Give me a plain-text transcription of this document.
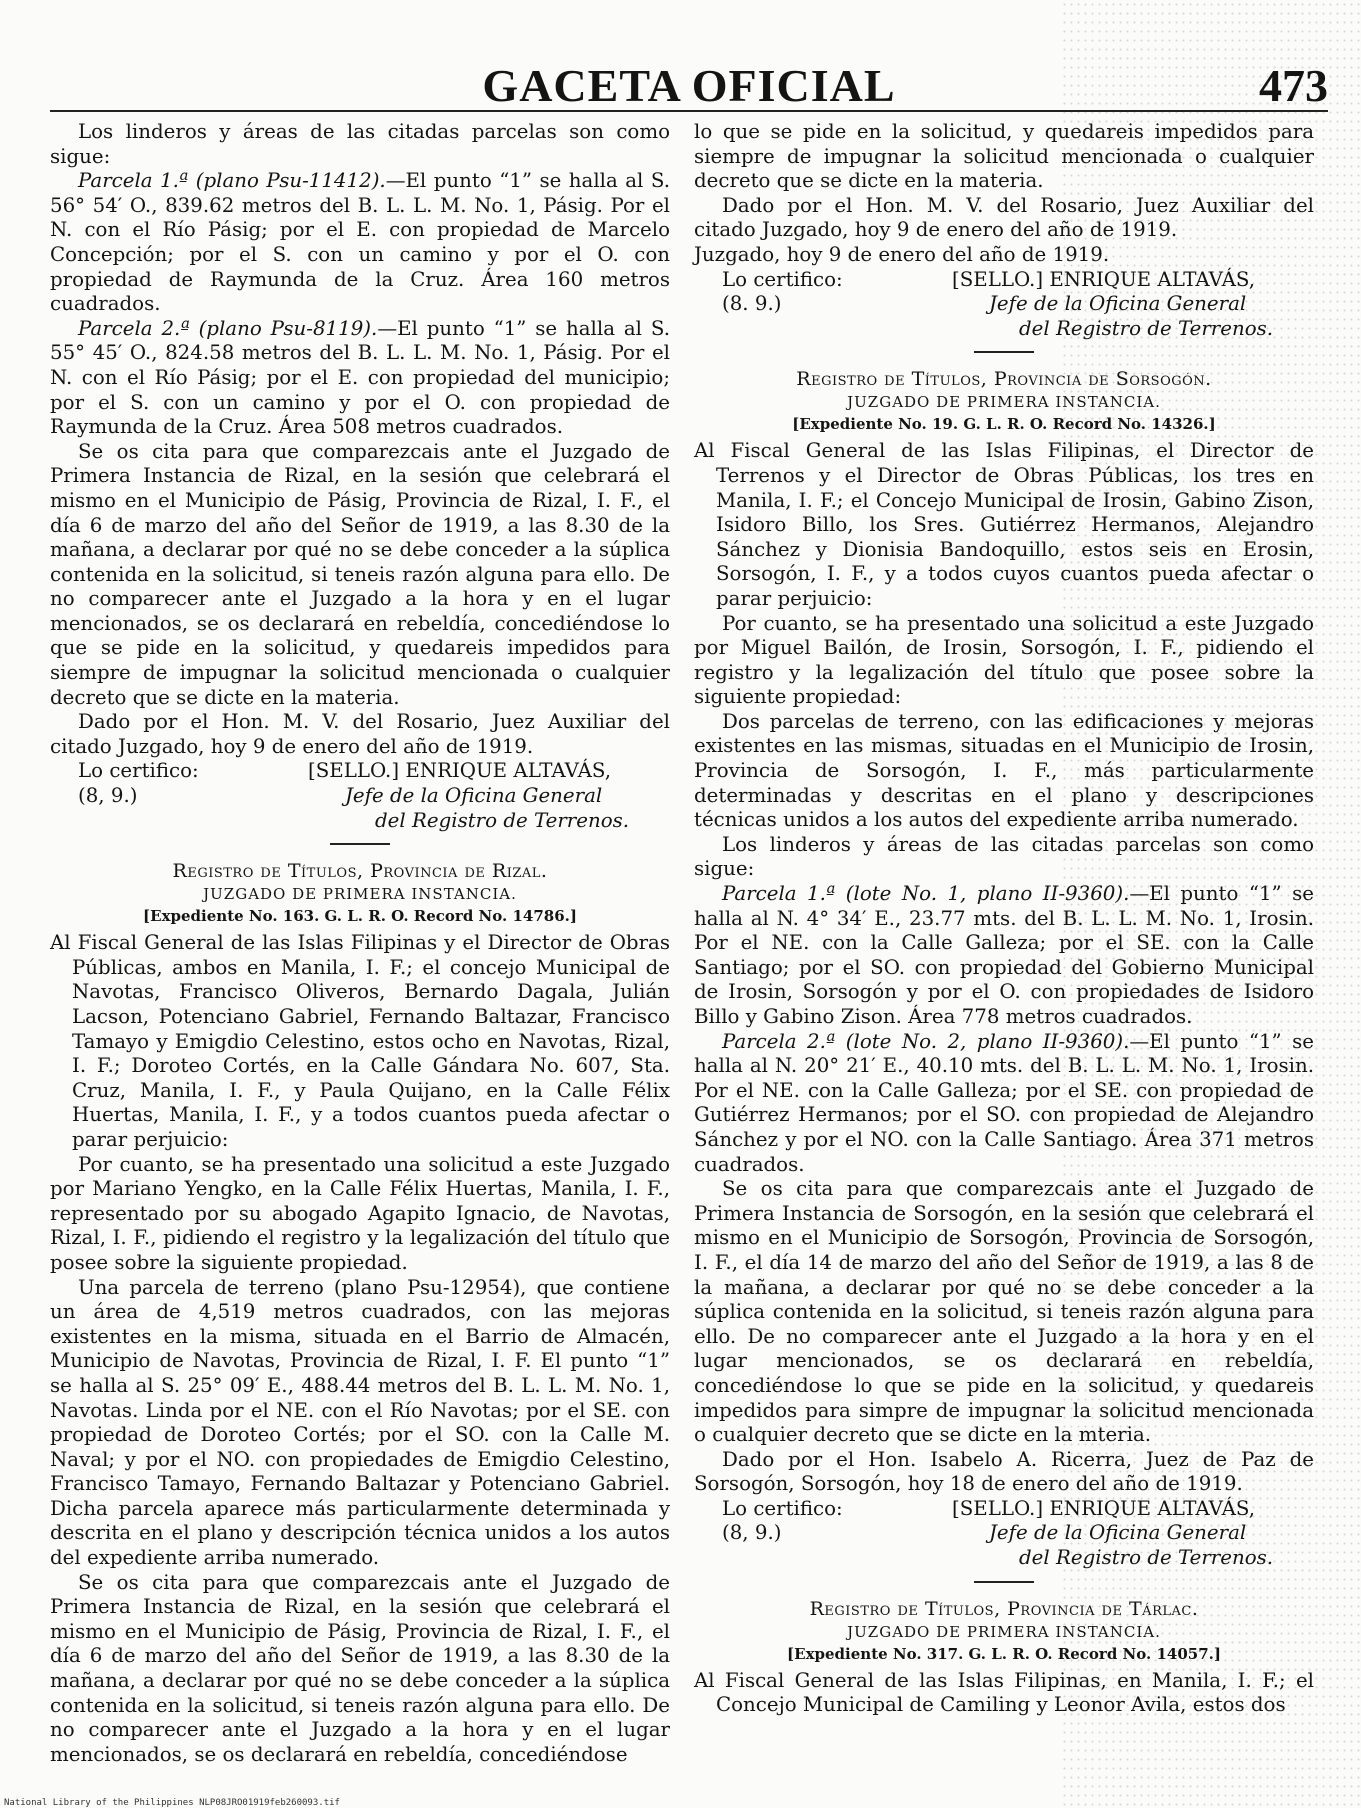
GACETA OFICIAL	473

Los linderos y áreas de las citadas parcelas son como sigue:

Parcela 1.ª (plano Psu-11412).—El punto “1” se halla al S. 56° 54′ O., 839.62 metros del B. L. L. M. No. 1, Pásig. Por el N. con el Río Pásig; por el E. con propiedad de Marcelo Concepción; por el S. con un camino y por el O. con propiedad de Raymunda de la Cruz. Área 160 metros cuadrados.

Parcela 2.ª (plano Psu-8119).—El punto “1” se halla al S. 55° 45′ O., 824.58 metros del B. L. L. M. No. 1, Pásig. Por el N. con el Río Pásig; por el E. con propiedad del municipio; por el S. con un camino y por el O. con propiedad de Raymunda de la Cruz. Área 508 metros cuadrados.

Se os cita para que comparezcais ante el Juzgado de Primera Instancia de Rizal, en la sesión que celebrará el mismo en el Municipio de Pásig, Provincia de Rizal, I. F., el día 6 de marzo del año del Señor de 1919, a las 8.30 de la mañana, a declarar por qué no se debe conceder a la súplica contenida en la solicitud, si teneis razón alguna para ello. De no comparecer ante el Juzgado a la hora y en el lugar mencionados, se os declarará en rebeldía, concediéndose lo que se pide en la solicitud, y quedareis impedidos para siempre de impugnar la solicitud mencionada o cualquier decreto que se dicte en la materia.

Dado por el Hon. M. V. del Rosario, Juez Auxiliar del citado Juzgado, hoy 9 de enero del año de 1919.

Lo certifico:	[SELLO.] ENRIQUE ALTAVÁS,
(8, 9.)	Jefe de la Oficina General
del Registro de Terrenos.
Registro de Títulos, Provincia de Rizal.
JUZGADO DE PRIMERA INSTANCIA.
[Expediente No. 163. G. L. R. O. Record No. 14786.]

Al Fiscal General de las Islas Filipinas y el Director de Obras Públicas, ambos en Manila, I. F.; el concejo Municipal de Navotas, Francisco Oliveros, Bernardo Dagala, Julián Lacson, Potenciano Gabriel, Fernando Baltazar, Francisco Tamayo y Emigdio Celestino, estos ocho en Navotas, Rizal, I. F.; Doroteo Cortés, en la Calle Gándara No. 607, Sta. Cruz, Manila, I. F., y Paula Quijano, en la Calle Félix Huertas, Manila, I. F., y a todos cuantos pueda afectar o parar perjuicio:

Por cuanto, se ha presentado una solicitud a este Juzgado por Mariano Yengko, en la Calle Félix Huertas, Manila, I. F., representado por su abogado Agapito Ignacio, de Navotas, Rizal, I. F., pidiendo el registro y la legalización del título que posee sobre la siguiente propiedad.

Una parcela de terreno (plano Psu-12954), que contiene un área de 4,519 metros cuadrados, con las mejoras existentes en la misma, situada en el Barrio de Almacén, Municipio de Navotas, Provincia de Rizal, I. F. El punto “1” se halla al S. 25° 09′ E., 488.44 metros del B. L. L. M. No. 1, Navotas. Linda por el NE. con el Río Navotas; por el SE. con propiedad de Doroteo Cortés; por el SO. con la Calle M. Naval; y por el NO. con propiedades de Emigdio Celestino, Francisco Tamayo, Fernando Baltazar y Potenciano Gabriel. Dicha parcela aparece más particularmente determinada y descrita en el plano y descripción técnica unidos a los autos del expediente arriba numerado.

Se os cita para que comparezcais ante el Juzgado de Primera Instancia de Rizal, en la sesión que celebrará el mismo en el Municipio de Pásig, Provincia de Rizal, I. F., el día 6 de marzo del año del Señor de 1919, a las 8.30 de la mañana, a declarar por qué no se debe conceder a la súplica contenida en la solicitud, si teneis razón alguna para ello. De no comparecer ante el Juzgado a la hora y en el lugar mencionados, se os declarará en rebeldía, concediéndose

lo que se pide en la solicitud, y quedareis impedidos para siempre de impugnar la solicitud mencionada o cualquier decreto que se dicte en la materia.

Dado por el Hon. M. V. del Rosario, Juez Auxiliar del citado Juzgado, hoy 9 de enero del año de 1919.

Juzgado, hoy 9 de enero del año de 1919.

Lo certifico:	[SELLO.] ENRIQUE ALTAVÁS,
(8. 9.)	Jefe de la Oficina General
del Registro de Terrenos.
Registro de Títulos, Provincia de Sorsogón.
JUZGADO DE PRIMERA INSTANCIA.
[Expediente No. 19. G. L. R. O. Record No. 14326.]

Al Fiscal General de las Islas Filipinas, el Director de Terrenos y el Director de Obras Públicas, los tres en Manila, I. F.; el Concejo Municipal de Irosin, Gabino Zison, Isidoro Billo, los Sres. Gutiérrez Hermanos, Alejandro Sánchez y Dionisia Bandoquillo, estos seis en Erosin, Sorsogón, I. F., y a todos cuyos cuantos pueda afectar o parar perjuicio:

Por cuanto, se ha presentado una solicitud a este Juzgado por Miguel Bailón, de Irosin, Sorsogón, I. F., pidiendo el registro y la legalización del título que posee sobre la siguiente propiedad:

Dos parcelas de terreno, con las edificaciones y mejoras existentes en las mismas, situadas en el Municipio de Irosin, Provincia de Sorsogón, I. F., más particularmente determinadas y descritas en el plano y descripciones técnicas unidos a los autos del expediente arriba numerado.

Los linderos y áreas de las citadas parcelas son como sigue:

Parcela 1.ª (lote No. 1, plano II-9360).—El punto “1” se halla al N. 4° 34′ E., 23.77 mts. del B. L. L. M. No. 1, Irosin. Por el NE. con la Calle Galleza; por el SE. con la Calle Santiago; por el SO. con propiedad del Gobierno Municipal de Irosin, Sorsogón y por el O. con propiedades de Isidoro Billo y Gabino Zison. Área 778 metros cuadrados.

Parcela 2.ª (lote No. 2, plano II-9360).—El punto “1” se halla al N. 20° 21′ E., 40.10 mts. del B. L. L. M. No. 1, Irosin. Por el NE. con la Calle Galleza; por el SE. con propiedad de Gutiérrez Hermanos; por el SO. con propiedad de Alejandro Sánchez y por el NO. con la Calle Santiago. Área 371 metros cuadrados.

Se os cita para que comparezcais ante el Juzgado de Primera Instancia de Sorsogón, en la sesión que celebrará el mismo en el Municipio de Sorsogón, Provincia de Sorsogón, I. F., el día 14 de marzo del año del Señor de 1919, a las 8 de la mañana, a declarar por qué no se debe conceder a la súplica contenida en la solicitud, si teneis razón alguna para ello. De no comparecer ante el Juzgado a la hora y en el lugar mencionados, se os declarará en rebeldía, concediéndose lo que se pide en la solicitud, y quedareis impedidos para simpre de impugnar la solicitud mencionada o cualquier decreto que se dicte en la mteria.

Dado por el Hon. Isabelo A. Ricerra, Juez de Paz de Sorsogón, Sorsogón, hoy 18 de enero del año de 1919.

Lo certifico:	[SELLO.] ENRIQUE ALTAVÁS,
(8, 9.)	Jefe de la Oficina General
del Registro de Terrenos.
Registro de Títulos, Provincia de Tárlac.
JUZGADO DE PRIMERA INSTANCIA.
[Expediente No. 317. G. L. R. O. Record No. 14057.]

Al Fiscal General de las Islas Filipinas, en Manila, I. F.; el Concejo Municipal de Camiling y Leonor Avila, estos dos

National Library of the Philippines NLP08JRO01919feb260093.tif
